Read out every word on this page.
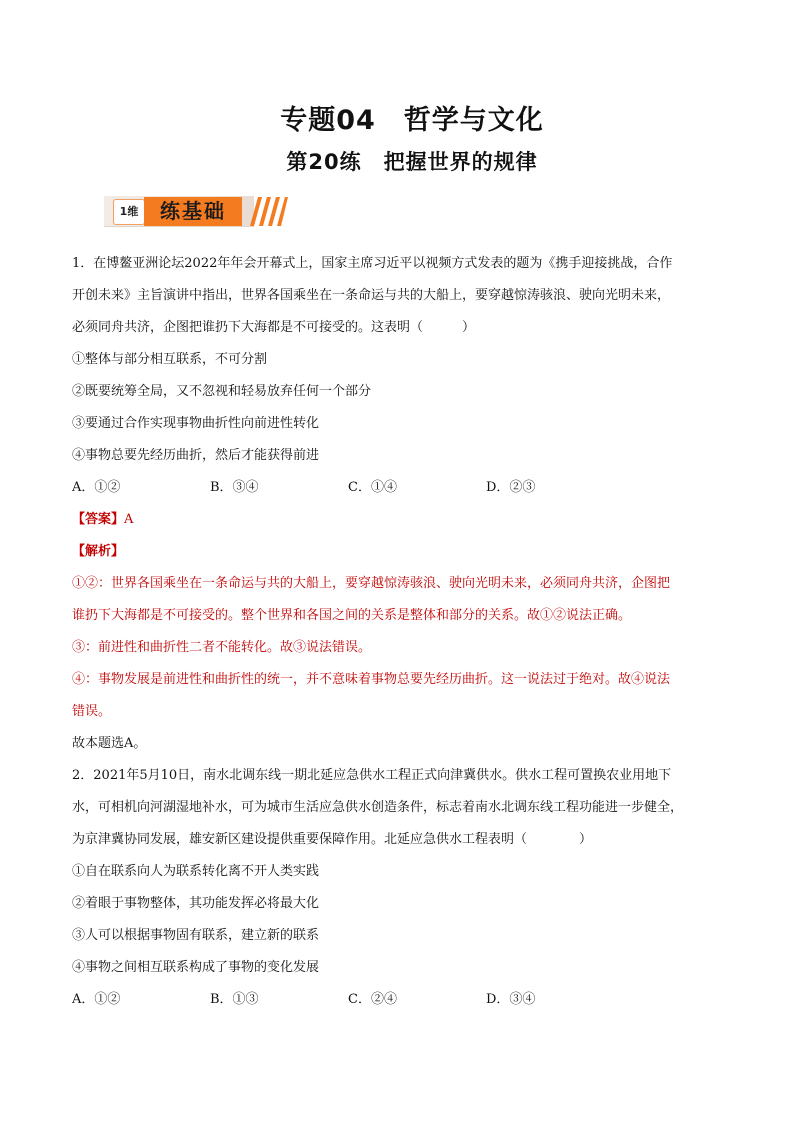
专题04　哲学与文化
第20练　把握世界的规律
1维	练基础
1．在博鳌亚洲论坛2022年年会开幕式上，国家主席习近平以视频方式发表的题为《携手迎接挑战，合作
开创未来》主旨演讲中指出，世界各国乘坐在一条命运与共的大船上，要穿越惊涛骇浪、驶向光明未来，
必须同舟共济，企图把谁扔下大海都是不可接受的。这表明（　　　）
①整体与部分相互联系，不可分割
②既要统筹全局，又不忽视和轻易放弃任何一个部分
③要通过合作实现事物曲折性向前进性转化
④事物总要先经历曲折，然后才能获得前进
A．①②	B．③④	C．①④	D．②③
【答案】A
【解析】
①②：世界各国乘坐在一条命运与共的大船上，要穿越惊涛骇浪、驶向光明未来，必须同舟共济，企图把
谁扔下大海都是不可接受的。整个世界和各国之间的关系是整体和部分的关系。故①②说法正确。
③：前进性和曲折性二者不能转化。故③说法错误。
④：事物发展是前进性和曲折性的统一，并不意味着事物总要先经历曲折。这一说法过于绝对。故④说法
错误。
故本题选A。
2．2021年5月10日，南水北调东线一期北延应急供水工程正式向津冀供水。供水工程可置换农业用地下
水，可相机向河湖湿地补水，可为城市生活应急供水创造条件，标志着南水北调东线工程功能进一步健全，
为京津冀协同发展，雄安新区建设提供重要保障作用。北延应急供水工程表明（　　　　）
①自在联系向人为联系转化离不开人类实践
②着眼于事物整体，其功能发挥必将最大化
③人可以根据事物固有联系，建立新的联系
④事物之间相互联系构成了事物的变化发展
A．①②	B．①③	C．②④	D．③④
